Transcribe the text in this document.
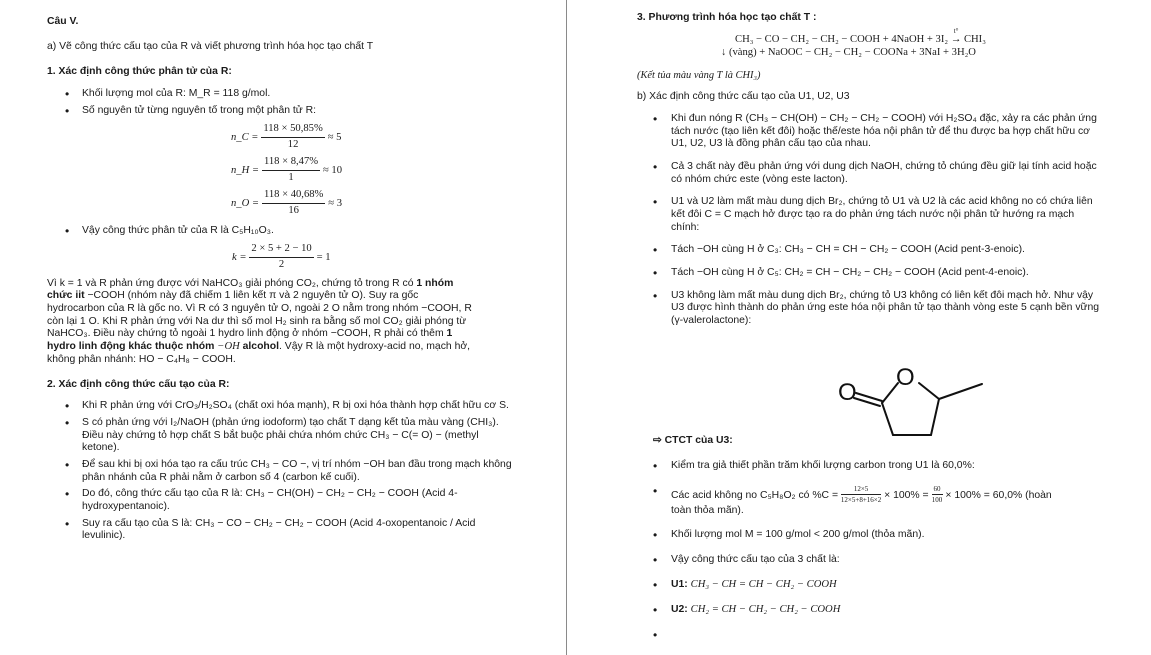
Câu V.

a) Vẽ công thức cấu tạo của R và viết phương trình hóa học tạo chất T

1. Xác định công thức phân tử của R:

• Khối lượng mol của R: M_R = 118 g/mol.

• Số nguyên tử từng nguyên tố trong một phân tử R:

n_C = $\frac{118 \times 50,85\%}{12} \approx 5$
n_H = $\frac{118 \times 8,47\%}{1} \approx 10$
n_O = $\frac{118 \times 40,68\%}{16} \approx 3$

• Vậy công thức phân tử của R là C₅H₁₀O₃.

$k = \frac{2 \times 5 + 2 - 10}{2} = 1$

Vì k = 1 và R phản ứng được với NaHCO₃ giải phóng CO₂, chứng tỏ trong R có 1 nhóm

chức iit −COOH (nhóm này đã chiếm 1 liên kết π và 2 nguyên tử O). Suy ra gốc

hydrocarbon của R là gốc no. Vì R có 3 nguyên tử O, ngoài 2 O nằm trong nhóm −COOH, R

còn lại 1 O. Khi R phản ứng với Na dư thì số mol H₂ sinh ra bằng số mol CO₂ giải phóng từ

NaHCO₃. Điều này chứng tỏ ngoài 1 hydro linh động ở nhóm −COOH, R phải có thêm 1

hydro linh động khác thuộc nhóm −OH alcohol. Vậy R là một hydroxy-acid no, mạch hở,

không phân nhánh: HO − C₄H₈ − COOH.

2. Xác định công thức cấu tạo của R:

• Khi R phản ứng với CrO₃/H₂SO₄ (chất oxi hóa mạnh), R bị oxi hóa thành hợp chất hữu cơ S.

• S có phản ứng với I₂/NaOH (phản ứng iodoform) tạo chất T dạng kết tủa màu vàng (CHI₃). Điều này chứng tỏ hợp chất S bắt buộc phải chứa nhóm chức CH₃ − C(= O) − (methyl ketone).

• Để sau khi bị oxi hóa tạo ra cấu trúc CH₃ − CO −, vị trí nhóm −OH ban đầu trong mạch không phân nhánh của R phải nằm ở carbon số 4 (carbon kế cuối).

• Do đó, công thức cấu tạo của R là: CH₃ − CH(OH) − CH₂ − CH₂ − COOH (Acid 4-hydroxypentanoic).

• Suy ra cấu tạo của S là: CH₃ − CO − CH₂ − CH₂ − COOH (Acid 4-oxopentanoic / Acid levulinic).

3. Phương trình hóa học tạo chất T :

CH₃ − CO − CH₂ − CH₂ − COOH + 4NaOH + 3I₂
t°
→ CHI₃

↓ (vàng) + NaOOC − CH₂ − CH₂ − COONa + 3NaI + 3H₂O

(Kết tủa màu vàng T là CHI₃)

b) Xác định công thức cấu tạo của U1, U2, U3

• Khi đun nóng R (CH₃ − CH(OH) − CH₂ − CH₂ − COOH) với H₂SO₄ đặc, xảy ra các phản ứng tách nước (tạo liên kết đôi) hoặc thế/este hóa nội phân tử để thu được ba hợp chất hữu cơ U1, U2, U3 là đồng phân cấu tạo của nhau.

• Cả 3 chất này đều phản ứng với dung dịch NaOH, chứng tỏ chúng đều giữ lại tính acid hoặc có nhóm chức este (vòng este lacton).

• U1 và U2 làm mất màu dung dịch Br₂, chứng tỏ U1 và U2 là các acid không no có chứa liên kết đôi C = C mạch hở được tạo ra do phản ứng tách nước nội phân tử hướng ra mạch chính:

• Tách −OH cùng H ở C₃: CH₃ − CH = CH − CH₂ − COOH (Acid pent-3-enoic).

• Tách −OH cùng H ở C₅: CH₂ = CH − CH₂ − CH₂ − COOH (Acid pent-4-enoic).

• U3 không làm mất màu dung dịch Br₂, chứng tỏ U3 không có liên kết đôi mạch hở. Như vậy U3 được hình thành do phản ứng este hóa nội phân tử tạo thành vòng este 5 cạnh bền vững (γ-valerolactone):

O
O

⇨ CTCT của U3:

• Kiểm tra giả thiết phần trăm khối lượng carbon trong U1 là 60,0%:

• Các acid không no C₅H₈O₂ có $\%C = \frac{12\times 5}{12\times 5+8+16\times 2} \times 100\% = \frac{60}{100} \times 100\% = 60,0\%$ (hoàn
toàn thỏa mãn).

• Khối lượng mol M = 100 g/mol < 200 g/mol (thỏa mãn).

• Vậy công thức cấu tạo của 3 chất là:

• U1: CH₃ − CH = CH − CH₂ − COOH

• U2: CH₂ = CH − CH₂ − CH₂ − COOH

•
